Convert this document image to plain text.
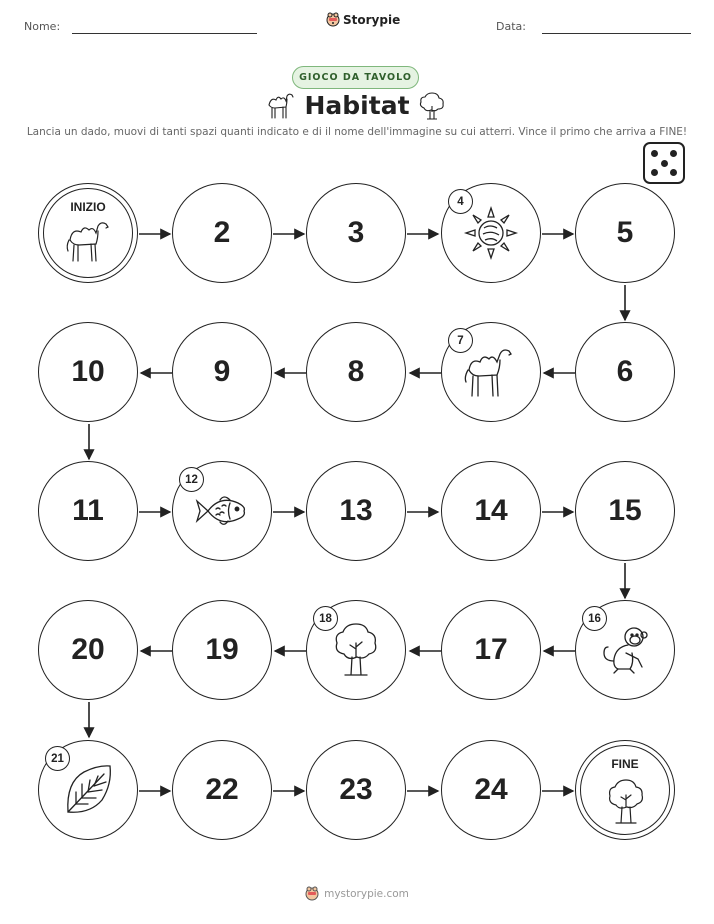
Nome:	Storypie	Data:
GIOCO DA TAVOLO
Habitat
Lancia un dado, muovi di tanti spazi quanti indicato e di il nome dell'immagine su cui atterri. Vince il primo che arriva a FINE!
INIZIO
2	3
4
5
10	9	8
7
6
11
12
13	14	15
20	19
18
17
16
21
22	23	24
FINE
mystorypie.com
